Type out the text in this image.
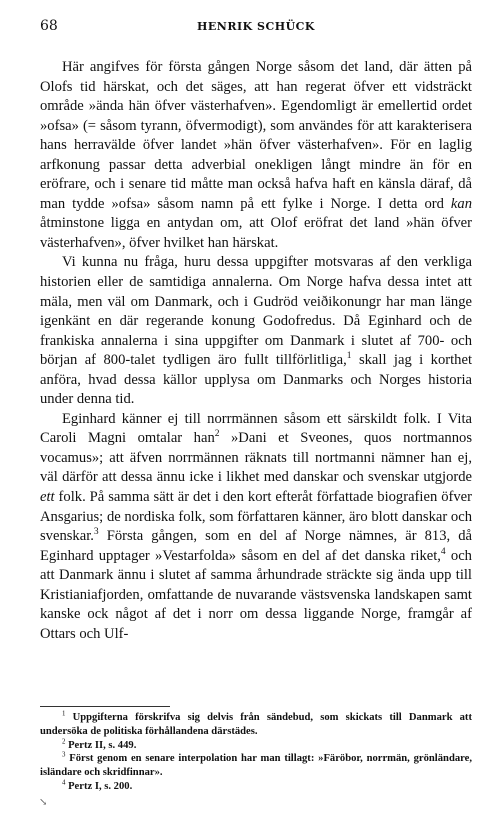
68	HENRIK SCHÜCK

Här angifves för första gången Norge såsom det land, där ätten på Olofs tid härskat, och det säges, att han regerat öfver ett vidsträckt område »ända hän öfver västerhafven». Egendomligt är emellertid ordet »ofsa» (= såsom tyrann, öfvermodigt), som användes för att karakterisera hans herravälde öfver landet »hän öfver västerhafven». För en laglig arfkonung passar detta adverbial onekligen långt mindre än för en eröfrare, och i senare tid måtte man också hafva haft en känsla däraf, då man tydde »ofsa» såsom namn på ett fylke i Norge. I detta ord kan åtminstone ligga en antydan om, att Olof eröfrat det land »hän öfver västerhafven», öfver hvilket han härskat.

Vi kunna nu fråga, huru dessa uppgifter motsvaras af den verkliga historien eller de samtidiga annalerna. Om Norge hafva dessa intet att mäla, men väl om Danmark, och i Gudröd veiðikonungr har man länge igenkänt en där regerande konung Godofredus. Då Eginhard och de frankiska annalerna i sina uppgifter om Danmark i slutet af 700- och början af 800-talet tydligen äro fullt tillförlitliga,$^1$ skall jag i korthet anföra, hvad dessa källor upplysa om Danmarks och Norges historia under denna tid.

Eginhard känner ej till norrmännen såsom ett särskildt folk. I Vita Caroli Magni omtalar han$^2$ »Dani et Sveones, quos nortmannos vocamus»; att äfven norrmännen räknats till nortmanni nämner han ej, väl därför att dessa ännu icke i likhet med danskar och svenskar utgjorde ett folk. På samma sätt är det i den kort efteråt författade biografien öfver Ansgarius; de nordiska folk, som författaren känner, äro blott danskar och svenskar.$^3$ Första gången, som en del af Norge nämnes, är 813, då Eginhard upptager »Vestarfolda» såsom en del af det danska riket,$^4$ och att Danmark ännu i slutet af samma århundrade sträckte sig ända upp till Kristianiafjorden, omfattande de nuvarande västsvenska landskapen samt kanske ock något af det i norr om dessa liggande Norge, framgår af Ottars och Ulf-

$^1$ Uppgifterna förskrifva sig delvis från sändebud, som skickats till Danmark att undersöka de politiska förhållandena därstädes.

$^2$ Pertz II, s. 449.

$^3$ Först genom en senare interpolation har man tillagt: »Färöbor, norrmän, grönländare, isländare och skridfinnar».

$^4$ Pertz I, s. 200.

↘
